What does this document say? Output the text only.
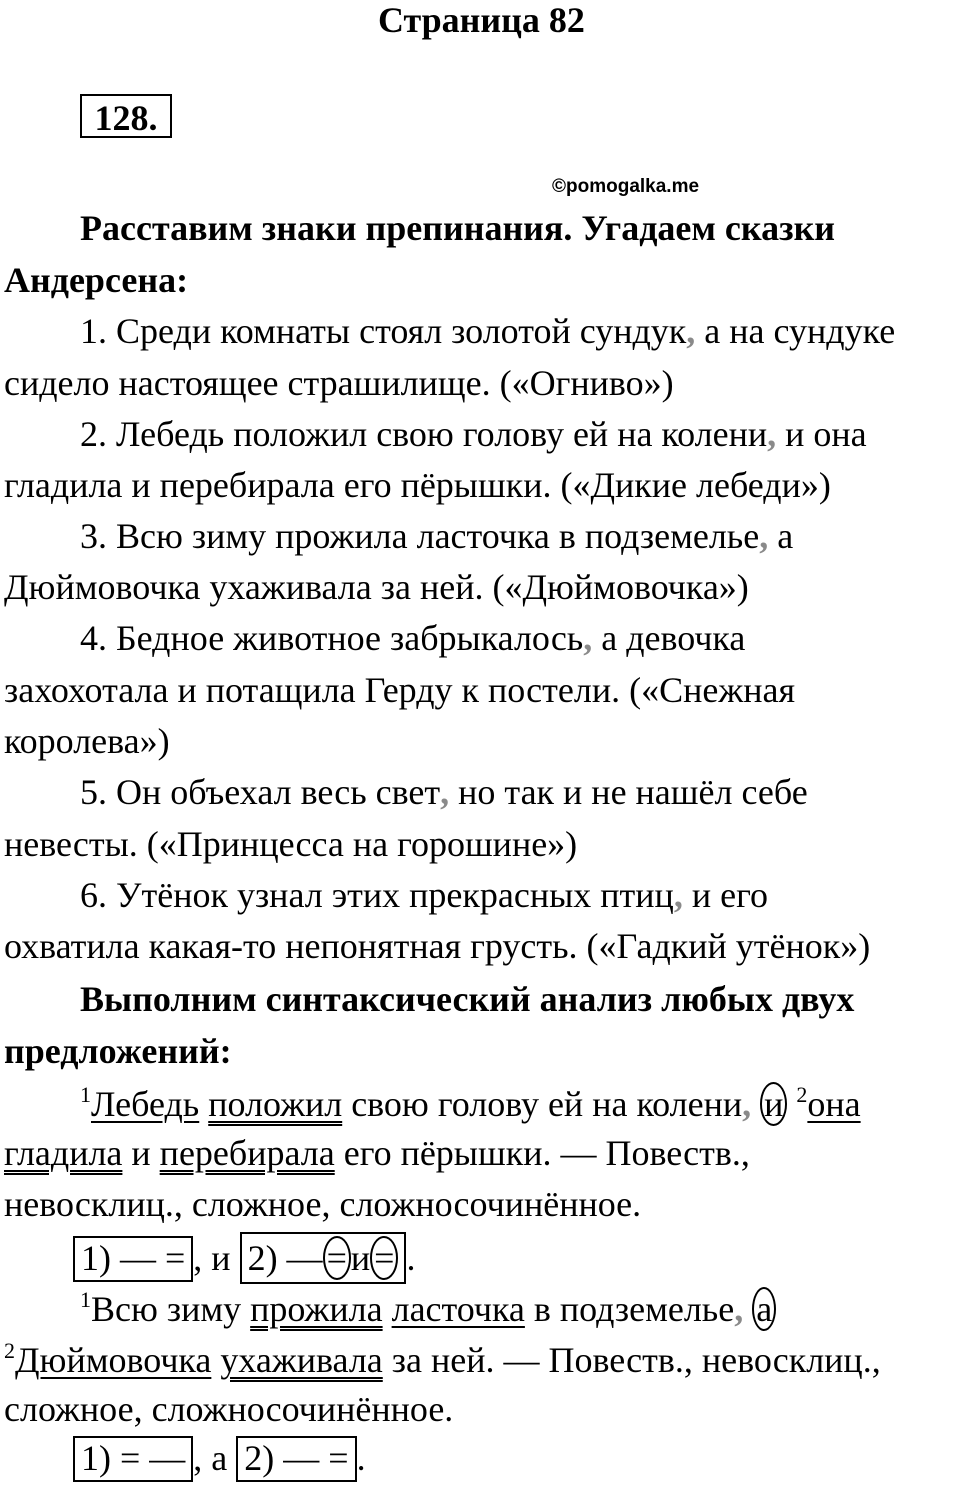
Страница 82
128.
©pomogalka.me
Расставим знаки препинания. Угадаем сказки
Андерсена:
1. Среди комнаты стоял золотой сундук, а на сундуке
сидело настоящее страшилище. («Огниво»)
2. Лебедь положил свою голову ей на колени, и она
гладила и перебирала его пёрышки. («Дикие лебеди»)
3. Всю зиму прожила ласточка в подземелье, а
Дюймовочка ухаживала за ней. («Дюймовочка»)
4. Бедное животное забрыкалось, а девочка
захохотала и потащила Герду к постели. («Снежная
королева»)
5. Он объехал весь свет, но так и не нашёл себе
невесты. («Принцесса на горошине»)
6. Утёнок узнал этих прекрасных птиц, и его
охватила какая-то непонятная грусть. («Гадкий утёнок»)
Выполним синтаксический анализ любых двух
предложений:
$^1$Лебедь положил свою голову ей на колени, и $^2$она
гладила и перебирала его пёрышки. — Повеств.,
невосклиц., сложное, сложносочинённое.
1) — = , и 2) — = и = .
$^1$Всю зиму прожила ласточка в подземелье, а
$^2$Дюймовочка ухаживала за ней. — Повеств., невосклиц.,
сложное, сложносочинённое.
1) = — , а 2) — = .
